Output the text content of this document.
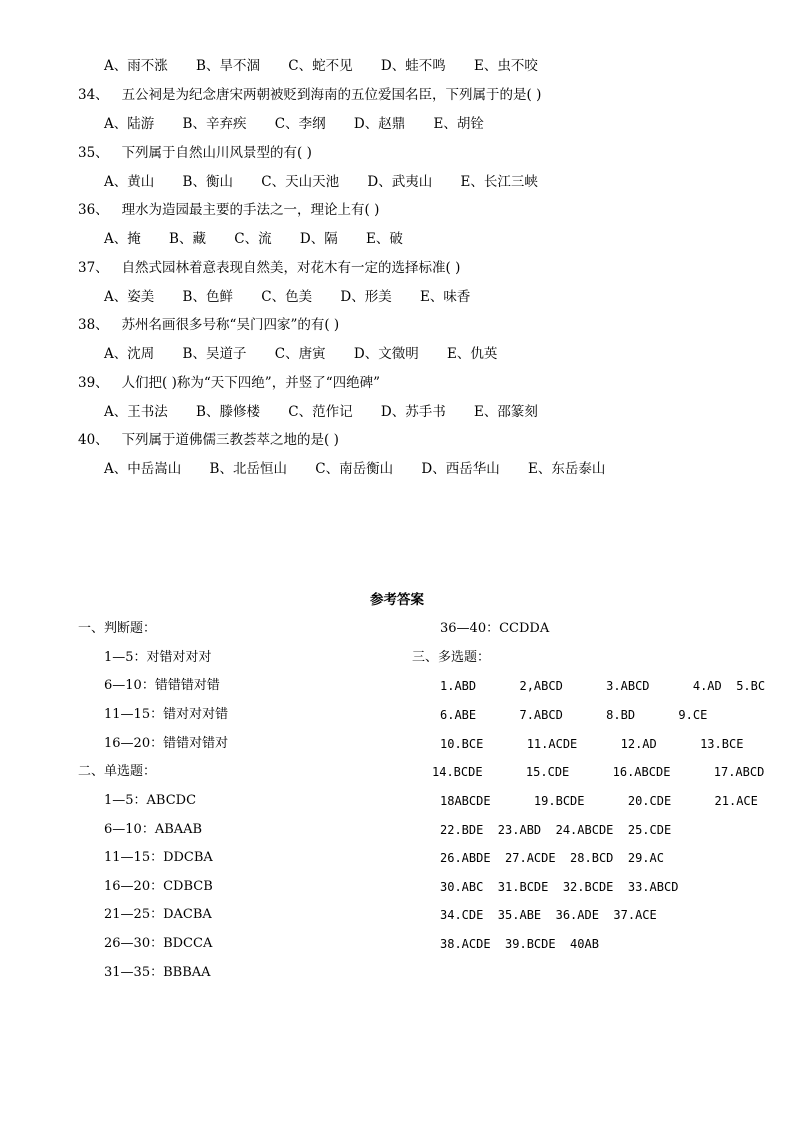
A、雨不涨 B、旱不涸 C、蛇不见 D、蛙不鸣 E、虫不咬
34、 五公祠是为纪念唐宋两朝被贬到海南的五位爱国名臣，下列属于的是( )
A、陆游 B、辛弃疾 C、李纲 D、赵鼎 E、胡铨
35、 下列属于自然山川风景型的有( )
A、黄山 B、衡山 C、天山天池 D、武夷山 E、长江三峡
36、 理水为造园最主要的手法之一，理论上有( )
A、掩 B、藏 C、流 D、隔 E、破
37、 自然式园林着意表现自然美，对花木有一定的选择标准( )
A、姿美 B、色鲜 C、色美 D、形美 E、味香
38、 苏州名画很多号称“吴门四家”的有( )
A、沈周 B、吴道子 C、唐寅 D、文徵明 E、仇英
39、 人们把( )称为“天下四绝”，并竖了“四绝碑”
A、王书法 B、滕修楼 C、范作记 D、苏手书 E、邵篆刻
40、 下列属于道佛儒三教荟萃之地的是( )
A、中岳嵩山 B、北岳恒山 C、南岳衡山 D、西岳华山 E、东岳泰山
参考答案
一、判断题：
1—5：对错对对对
6—10：错错错对错
11—15：错对对对错
16—20：错错对错对
二、单选题：
1—5：ABCDC
6—10：ABAAB
11—15：DDCBA
16—20：CDBCB
21—25：DACBA
26—30：BDCCA
31—35：BBBAA
36—40：CCDDA
三、多选题：
1.ABD      2,ABCD      3.ABCD      4.AD  5.BC
6.ABE      7.ABCD      8.BD      9.CE
10.BCE      11.ACDE      12.AD      13.BCE
14.BCDE      15.CDE      16.ABCDE      17.ABCD
18ABCDE      19.BCDE      20.CDE      21.ACE
22.BDE  23.ABD  24.ABCDE  25.CDE
26.ABDE  27.ACDE  28.BCD  29.AC
30.ABC  31.BCDE  32.BCDE  33.ABCD
34.CDE  35.ABE  36.ADE  37.ACE
38.ACDE  39.BCDE  40AB
